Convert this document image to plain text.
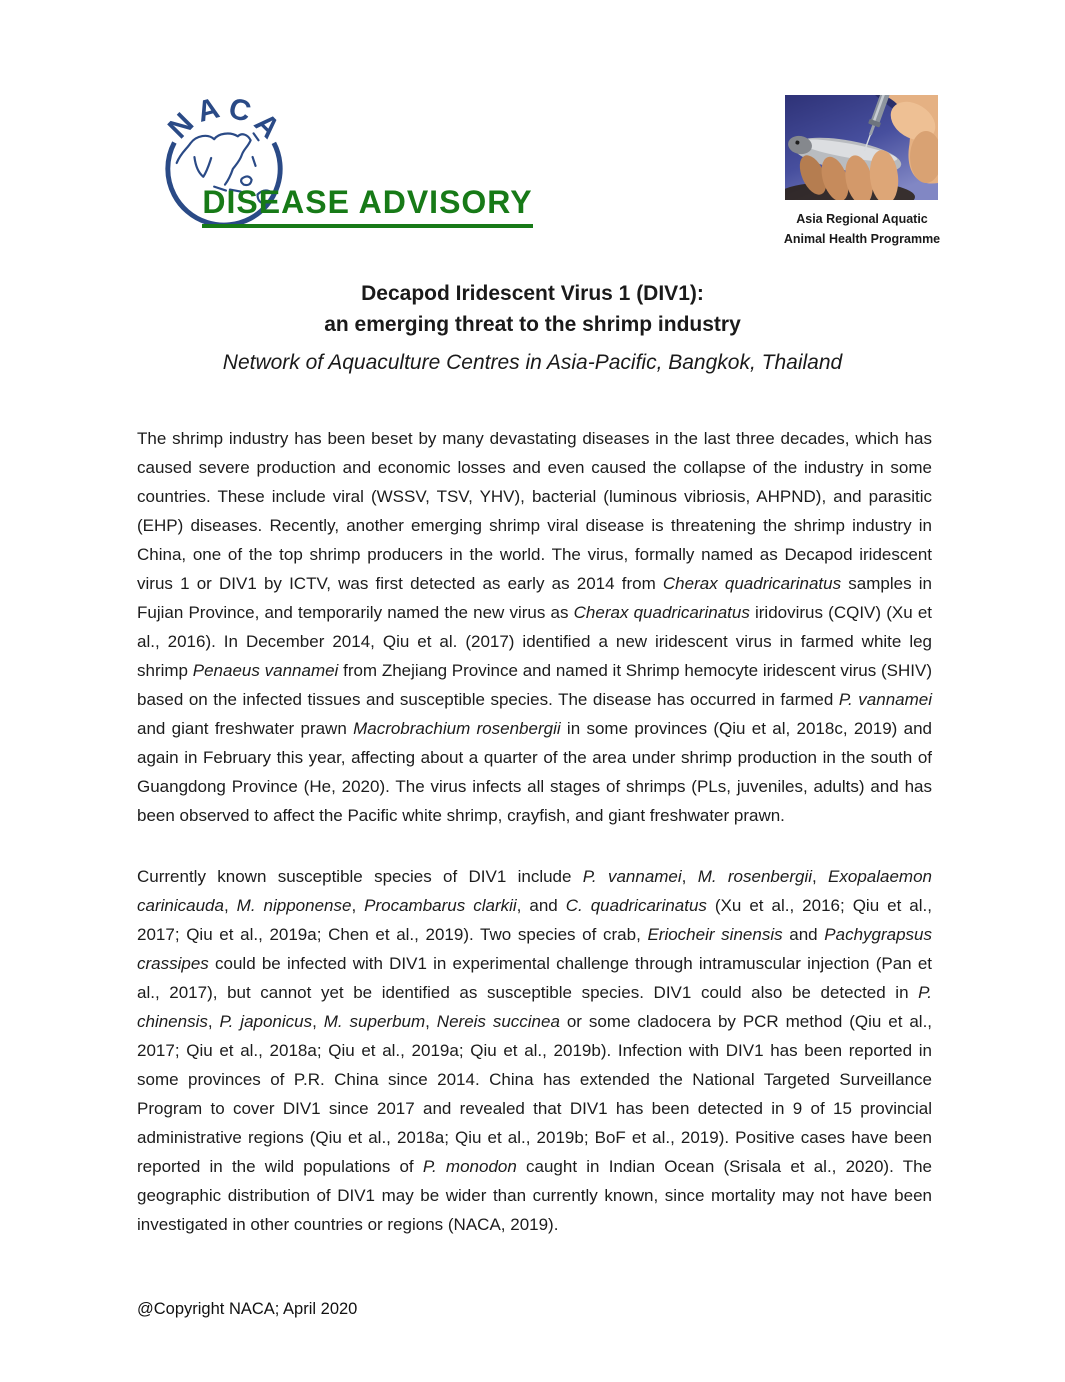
N
A C
A
DISEASE ADVISORY	Asia Regional Aquatic
Animal Health Programme
Decapod Iridescent Virus 1 (DIV1):
an emerging threat to the shrimp industry
Network of Aquaculture Centres in Asia-Pacific, Bangkok, Thailand

The shrimp industry has been beset by many devastating diseases in the last three decades, which has caused severe production and economic losses and even caused the collapse of the industry in some countries. These include viral (WSSV, TSV, YHV), bacterial (luminous vibriosis, AHPND), and parasitic (EHP) diseases. Recently, another emerging shrimp viral disease is threatening the shrimp industry in China, one of the top shrimp producers in the world. The virus, formally named as Decapod iridescent virus 1 or DIV1 by ICTV, was first detected as early as 2014 from Cherax quadricarinatus samples in Fujian Province, and temporarily named the new virus as Cherax quadricarinatus iridovirus (CQIV) (Xu et al., 2016). In December 2014, Qiu et al. (2017) identified a new iridescent virus in farmed white leg shrimp Penaeus vannamei from Zhejiang Province and named it Shrimp hemocyte iridescent virus (SHIV) based on the infected tissues and susceptible species. The disease has occurred in farmed P. vannamei and giant freshwater prawn Macrobrachium rosenbergii in some provinces (Qiu et al, 2018c, 2019) and again in February this year, affecting about a quarter of the area under shrimp production in the south of Guangdong Province (He, 2020). The virus infects all stages of shrimps (PLs, juveniles, adults) and has been observed to affect the Pacific white shrimp, crayfish, and giant freshwater prawn.

Currently known susceptible species of DIV1 include P. vannamei, M. rosenbergii, Exopalaemon carinicauda, M. nipponense, Procambarus clarkii, and C. quadricarinatus (Xu et al., 2016; Qiu et al., 2017; Qiu et al., 2019a; Chen et al., 2019). Two species of crab, Eriocheir sinensis and Pachygrapsus crassipes could be infected with DIV1 in experimental challenge through intramuscular injection (Pan et al., 2017), but cannot yet be identified as susceptible species. DIV1 could also be detected in P. chinensis, P. japonicus, M. superbum, Nereis succinea or some cladocera by PCR method (Qiu et al., 2017; Qiu et al., 2018a; Qiu et al., 2019a; Qiu et al., 2019b). Infection with DIV1 has been reported in some provinces of P.R. China since 2014. China has extended the National Targeted Surveillance Program to cover DIV1 since 2017 and revealed that DIV1 has been detected in 9 of 15 provincial administrative regions (Qiu et al., 2018a; Qiu et al., 2019b; BoF et al., 2019). Positive cases have been reported in the wild populations of P. monodon caught in Indian Ocean (Srisala et al., 2020). The geographic distribution of DIV1 may be wider than currently known, since mortality may not have been investigated in other countries or regions (NACA, 2019).

@Copyright NACA; April 2020
